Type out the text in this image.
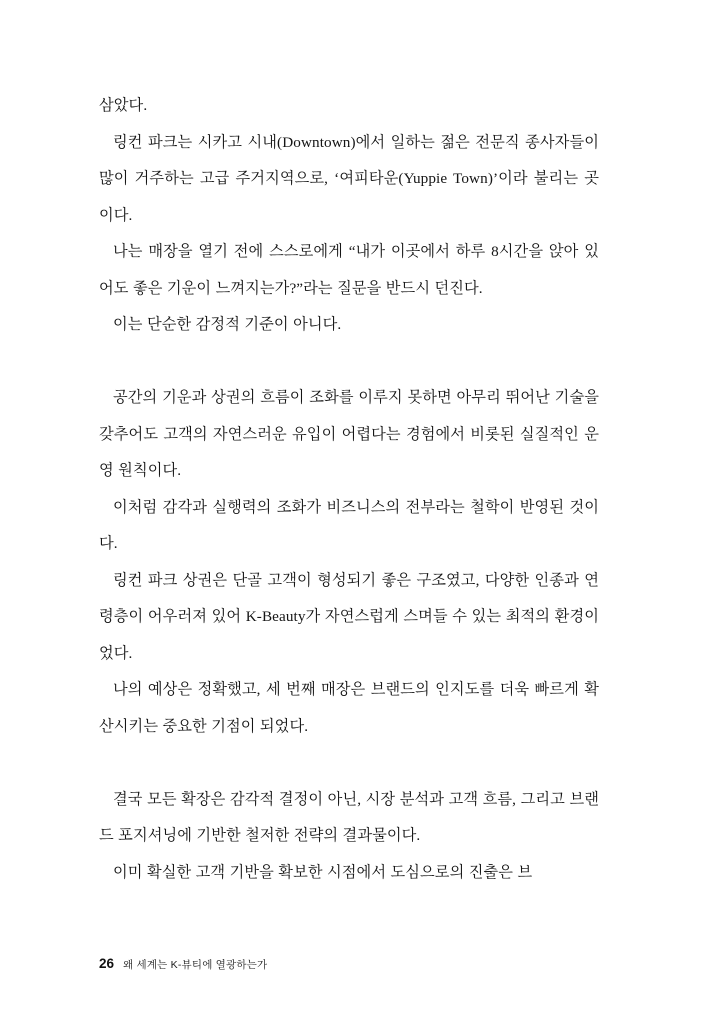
삼았다.

링컨 파크는 시카고 시내(Downtown)에서 일하는 젊은 전문직 종사자들이 많이 거주하는 고급 주거지역으로, ‘여피타운(Yuppie Town)’이라 불리는 곳이다.

나는 매장을 열기 전에 스스로에게 “내가 이곳에서 하루 8시간을 앉아 있어도 좋은 기운이 느껴지는가?”라는 질문을 반드시 던진다.

이는 단순한 감정적 기준이 아니다.

공간의 기운과 상권의 흐름이 조화를 이루지 못하면 아무리 뛰어난 기술을 갖추어도 고객의 자연스러운 유입이 어렵다는 경험에서 비롯된 실질적인 운영 원칙이다.

이처럼 감각과 실행력의 조화가 비즈니스의 전부라는 철학이 반영된 것이다.

링컨 파크 상권은 단골 고객이 형성되기 좋은 구조였고, 다양한 인종과 연령층이 어우러져 있어 K-Beauty가 자연스럽게 스며들 수 있는 최적의 환경이었다.

나의 예상은 정확했고, 세 번째 매장은 브랜드의 인지도를 더욱 빠르게 확산시키는 중요한 기점이 되었다.

결국 모든 확장은 감각적 결정이 아닌, 시장 분석과 고객 흐름, 그리고 브랜드 포지셔닝에 기반한 철저한 전략의 결과물이다.

이미 확실한 고객 기반을 확보한 시점에서 도심으로의 진출은 브

26 왜 세계는 K-뷰티에 열광하는가
